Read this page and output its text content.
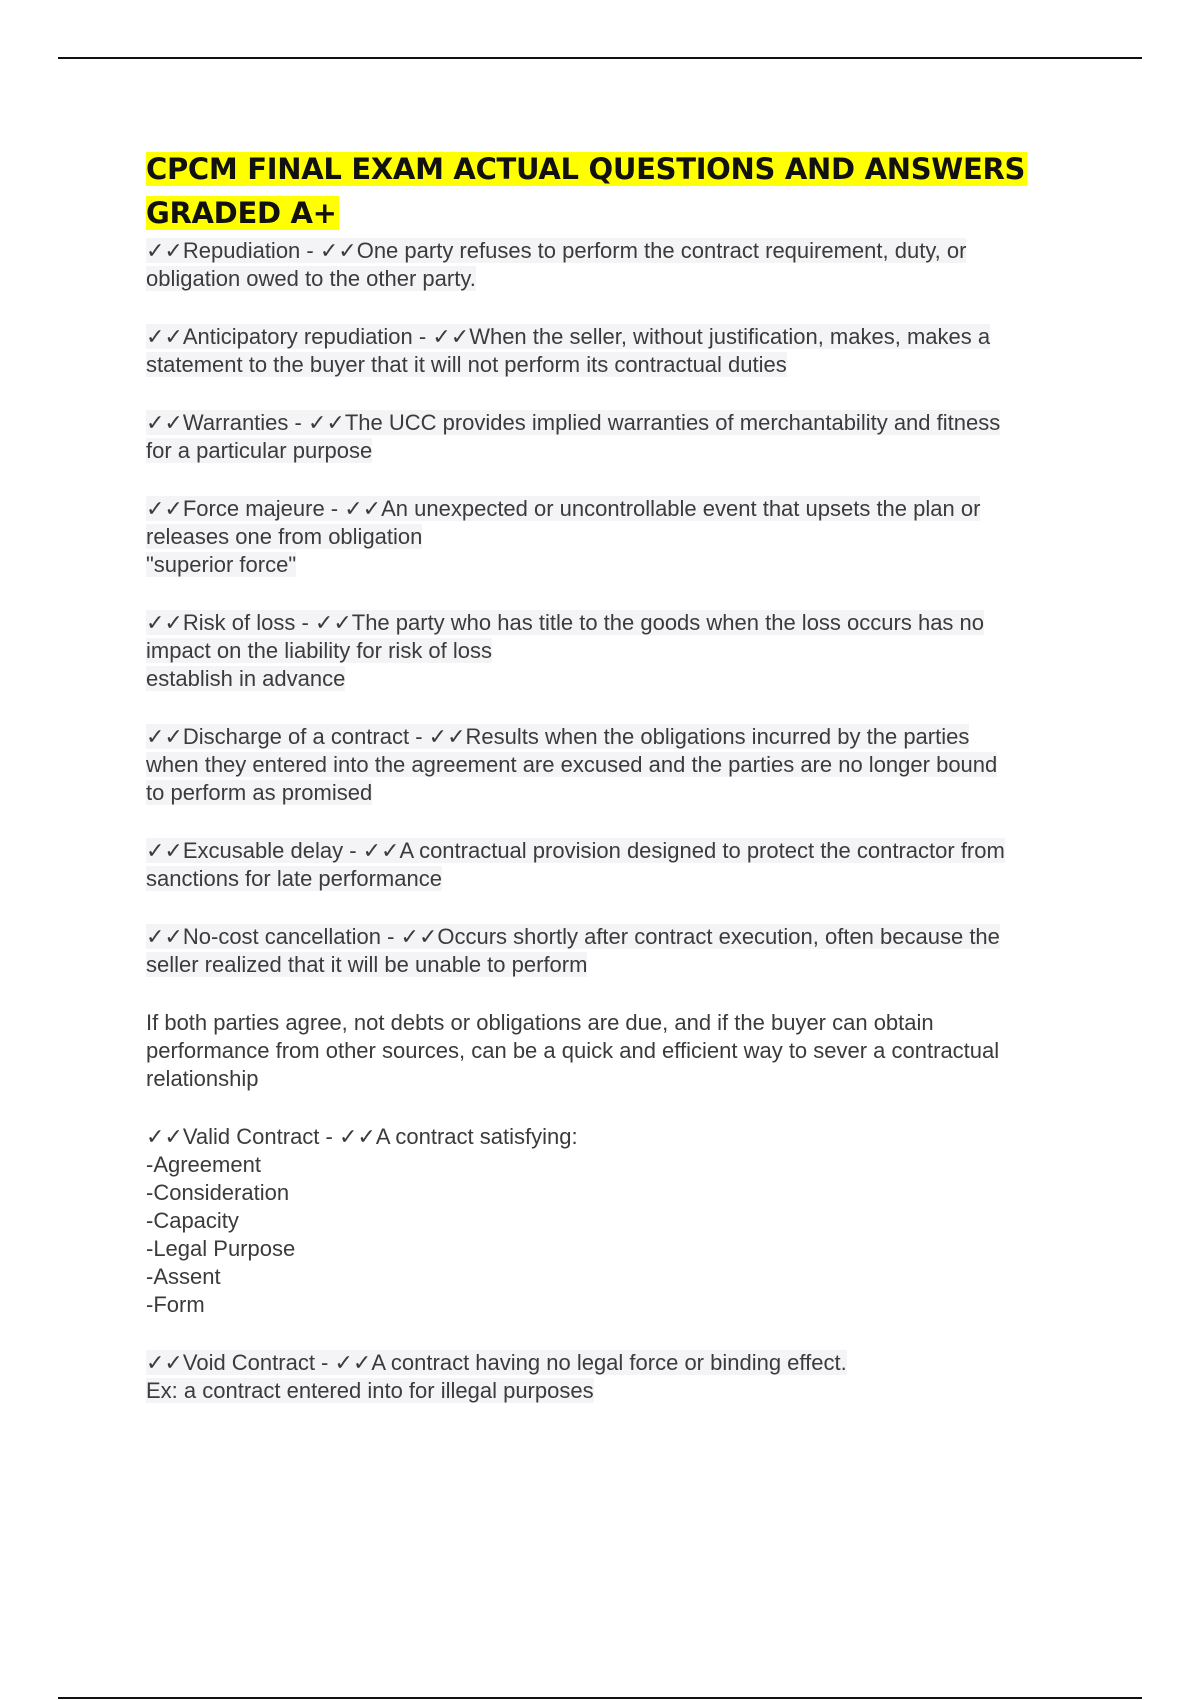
CPCM FINAL EXAM ACTUAL QUESTIONS AND ANSWERS
GRADED A+
✓✓Repudiation - ✓✓One party refuses to perform the contract requirement, duty, or
obligation owed to the other party.
✓✓Anticipatory repudiation - ✓✓When the seller, without justification, makes, makes a
statement to the buyer that it will not perform its contractual duties
✓✓Warranties - ✓✓The UCC provides implied warranties of merchantability and fitness
for a particular purpose
✓✓Force majeure - ✓✓An unexpected or uncontrollable event that upsets the plan or
releases one from obligation
"superior force"
✓✓Risk of loss - ✓✓The party who has title to the goods when the loss occurs has no
impact on the liability for risk of loss
establish in advance
✓✓Discharge of a contract - ✓✓Results when the obligations incurred by the parties
when they entered into the agreement are excused and the parties are no longer bound
to perform as promised
✓✓Excusable delay - ✓✓A contractual provision designed to protect the contractor from
sanctions for late performance
✓✓No-cost cancellation - ✓✓Occurs shortly after contract execution, often because the
seller realized that it will be unable to perform
If both parties agree, not debts or obligations are due, and if the buyer can obtain
performance from other sources, can be a quick and efficient way to sever a contractual
relationship
✓✓Valid Contract - ✓✓A contract satisfying:
-Agreement
-Consideration
-Capacity
-Legal Purpose
-Assent
-Form
✓✓Void Contract - ✓✓A contract having no legal force or binding effect.
Ex: a contract entered into for illegal purposes
